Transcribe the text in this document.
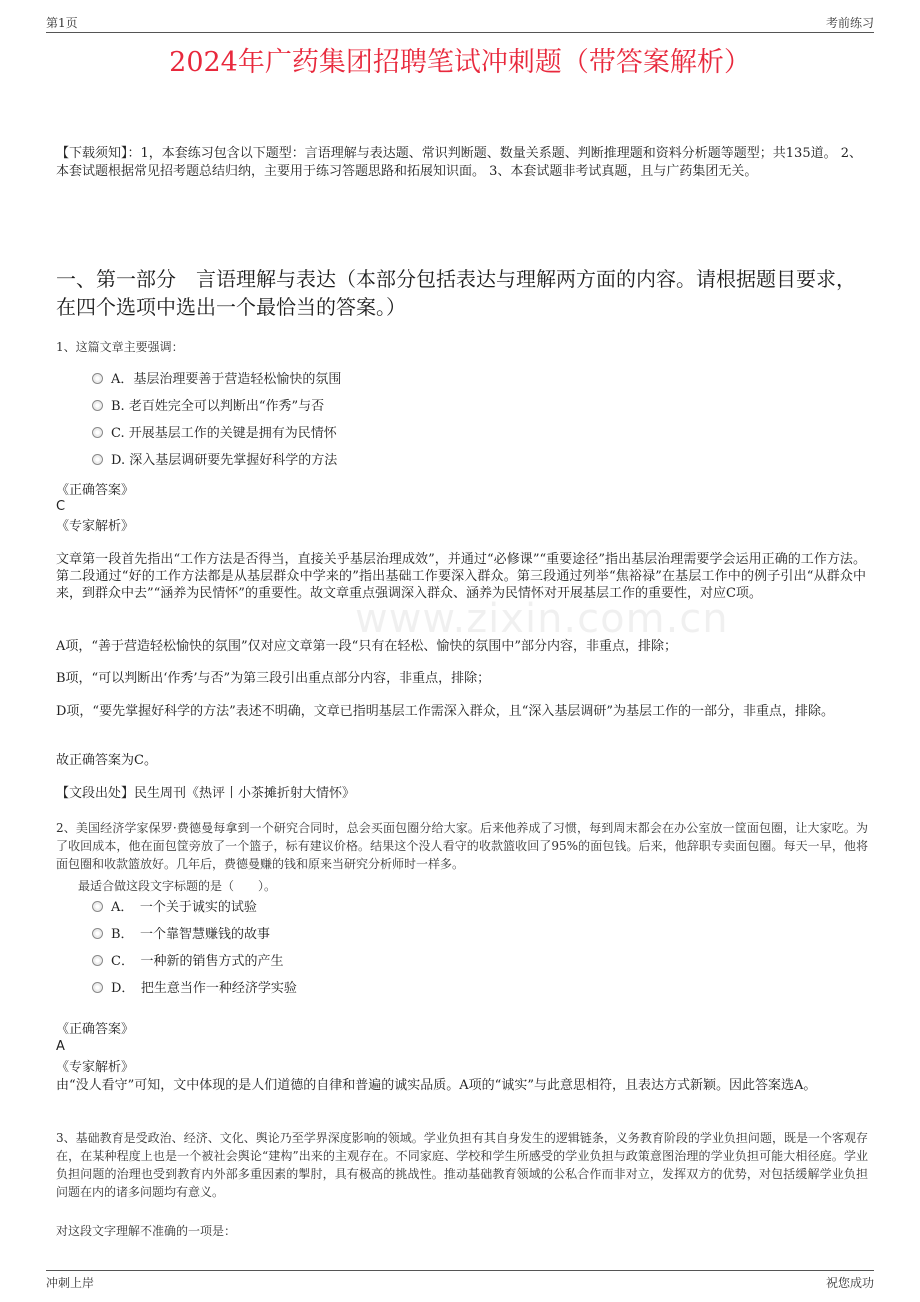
第1页	考前练习
2024年广药集团招聘笔试冲刺题（带答案解析）
【下载须知】：1，本套练习包含以下题型：言语理解与表达题、常识判断题、数量关系题、判断推理题和资料分析题等题型；共135道。 2、本套试题根据常见招考题总结归纳，主要用于练习答题思路和拓展知识面。 3、本套试题非考试真题，且与广药集团无关。
一、第一部分　言语理解与表达（本部分包括表达与理解两方面的内容。请根据题目要求，在四个选项中选出一个最恰当的答案。）
www.zixin.com.cn
1、这篇文章主要强调：
A．基层治理要善于营造轻松愉快的氛围
B. 老百姓完全可以判断出“作秀”与否
C. 开展基层工作的关键是拥有为民情怀
D. 深入基层调研要先掌握好科学的方法
《正确答案》
C
《专家解析》
文章第一段首先指出“工作方法是否得当，直接关乎基层治理成效”，并通过“必修课”“重要途径”指出基层治理需要学会运用正确的工作方法。第二段通过“好的工作方法都是从基层群众中学来的”指出基础工作要深入群众。第三段通过列举“焦裕禄”在基层工作中的例子引出“从群众中来，到群众中去”“涵养为民情怀”的重要性。故文章重点强调深入群众、涵养为民情怀对开展基层工作的重要性，对应C项。
A项，“善于营造轻松愉快的氛围”仅对应文章第一段“只有在轻松、愉快的氛围中”部分内容，非重点，排除；
B项，“可以判断出‘作秀’与否”为第三段引出重点部分内容，非重点，排除；
D项，“要先掌握好科学的方法”表述不明确，文章已指明基层工作需深入群众，且“深入基层调研”为基层工作的一部分，非重点，排除。
故正确答案为C。
【文段出处】民生周刊《热评丨小茶摊折射大情怀》
2、美国经济学家保罗·费德曼每拿到一个研究合同时，总会买面包圈分给大家。后来他养成了习惯，每到周末都会在办公室放一筐面包圈，让大家吃。为了收回成本，他在面包筐旁放了一个篮子，标有建议价格。结果这个没人看守的收款篮收回了95%的面包钱。后来，他辞职专卖面包圈。每天一早，他将面包圈和收款篮放好。几年后，费德曼赚的钱和原来当研究分析师时一样多。
最适合做这段文字标题的是（　　）。
A．　一个关于诚实的试验
B．　一个靠智慧赚钱的故事
C．　一种新的销售方式的产生
D．　把生意当作一种经济学实验
《正确答案》
A
《专家解析》
由“没人看守”可知，文中体现的是人们道德的自律和普遍的诚实品质。A项的“诚实”与此意思相符，且表达方式新颖。因此答案选A。
3、基础教育是受政治、经济、文化、舆论乃至学界深度影响的领域。学业负担有其自身发生的逻辑链条，义务教育阶段的学业负担问题，既是一个客观存在，在某种程度上也是一个被社会舆论“建构”出来的主观存在。不同家庭、学校和学生所感受的学业负担与政策意图治理的学业负担可能大相径庭。学业负担问题的治理也受到教育内外部多重因素的掣肘，具有极高的挑战性。推动基础教育领域的公私合作而非对立，发挥双方的优势，对包括缓解学业负担问题在内的诸多问题均有意义。
对这段文字理解不准确的一项是：
冲刺上岸	祝您成功
